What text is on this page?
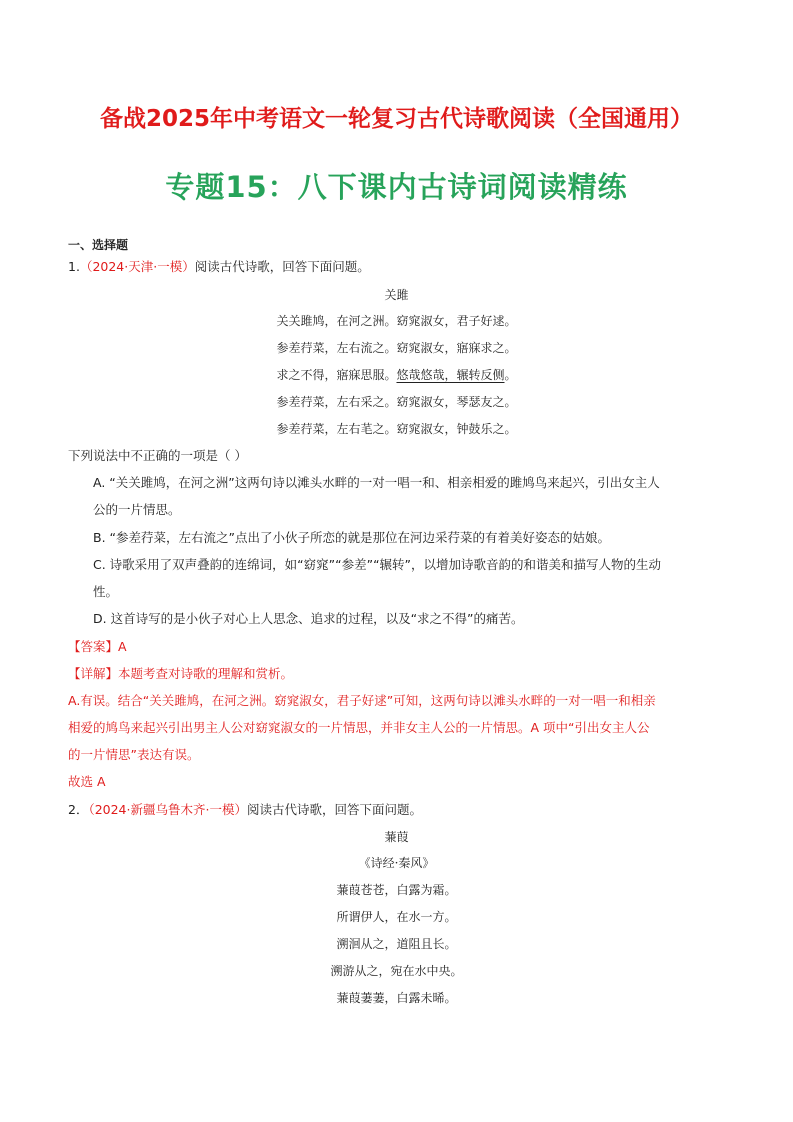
备战2025年中考语文一轮复习古代诗歌阅读（全国通用）
专题15：八下课内古诗词阅读精练
一、选择题
1.（2024·天津·一模）阅读古代诗歌，回答下面问题。
关雎
关关雎鸠，在河之洲。窈窕淑女，君子好逑。
参差荇菜，左右流之。窈窕淑女，寤寐求之。
求之不得，寤寐思服。悠哉悠哉，辗转反侧。
参差荇菜，左右采之。窈窕淑女，琴瑟友之。
参差荇菜，左右芼之。窈窕淑女，钟鼓乐之。
下列说法中不正确的一项是（ ）
A. “关关雎鸠，在河之洲”这两句诗以滩头水畔的一对一唱一和、相亲相爱的雎鸠鸟来起兴，引出女主人
公的一片情思。
B. “参差荇菜，左右流之”点出了小伙子所恋的就是那位在河边采荇菜的有着美好姿态的姑娘。
C. 诗歌采用了双声叠韵的连绵词，如“窈窕”“参差”“辗转”，以增加诗歌音韵的和谐美和描写人物的生动
性。
D. 这首诗写的是小伙子对心上人思念、追求的过程，以及“求之不得”的痛苦。
【答案】A
【详解】本题考查对诗歌的理解和赏析。
A.有误。结合“关关雎鸠，在河之洲。窈窕淑女，君子好逑”可知，这两句诗以滩头水畔的一对一唱一和相亲
相爱的鸠鸟来起兴引出男主人公对窈窕淑女的一片情思，并非女主人公的一片情思。A 项中“引出女主人公
的一片情思”表达有误。
故选 A
2．（2024·新疆乌鲁木齐·一模）阅读古代诗歌，回答下面问题。
蒹葭
《诗经·秦风》
蒹葭苍苍，白露为霜。
所谓伊人，在水一方。
溯洄从之，道阻且长。
溯游从之，宛在水中央。
蒹葭萋萋，白露未晞。
